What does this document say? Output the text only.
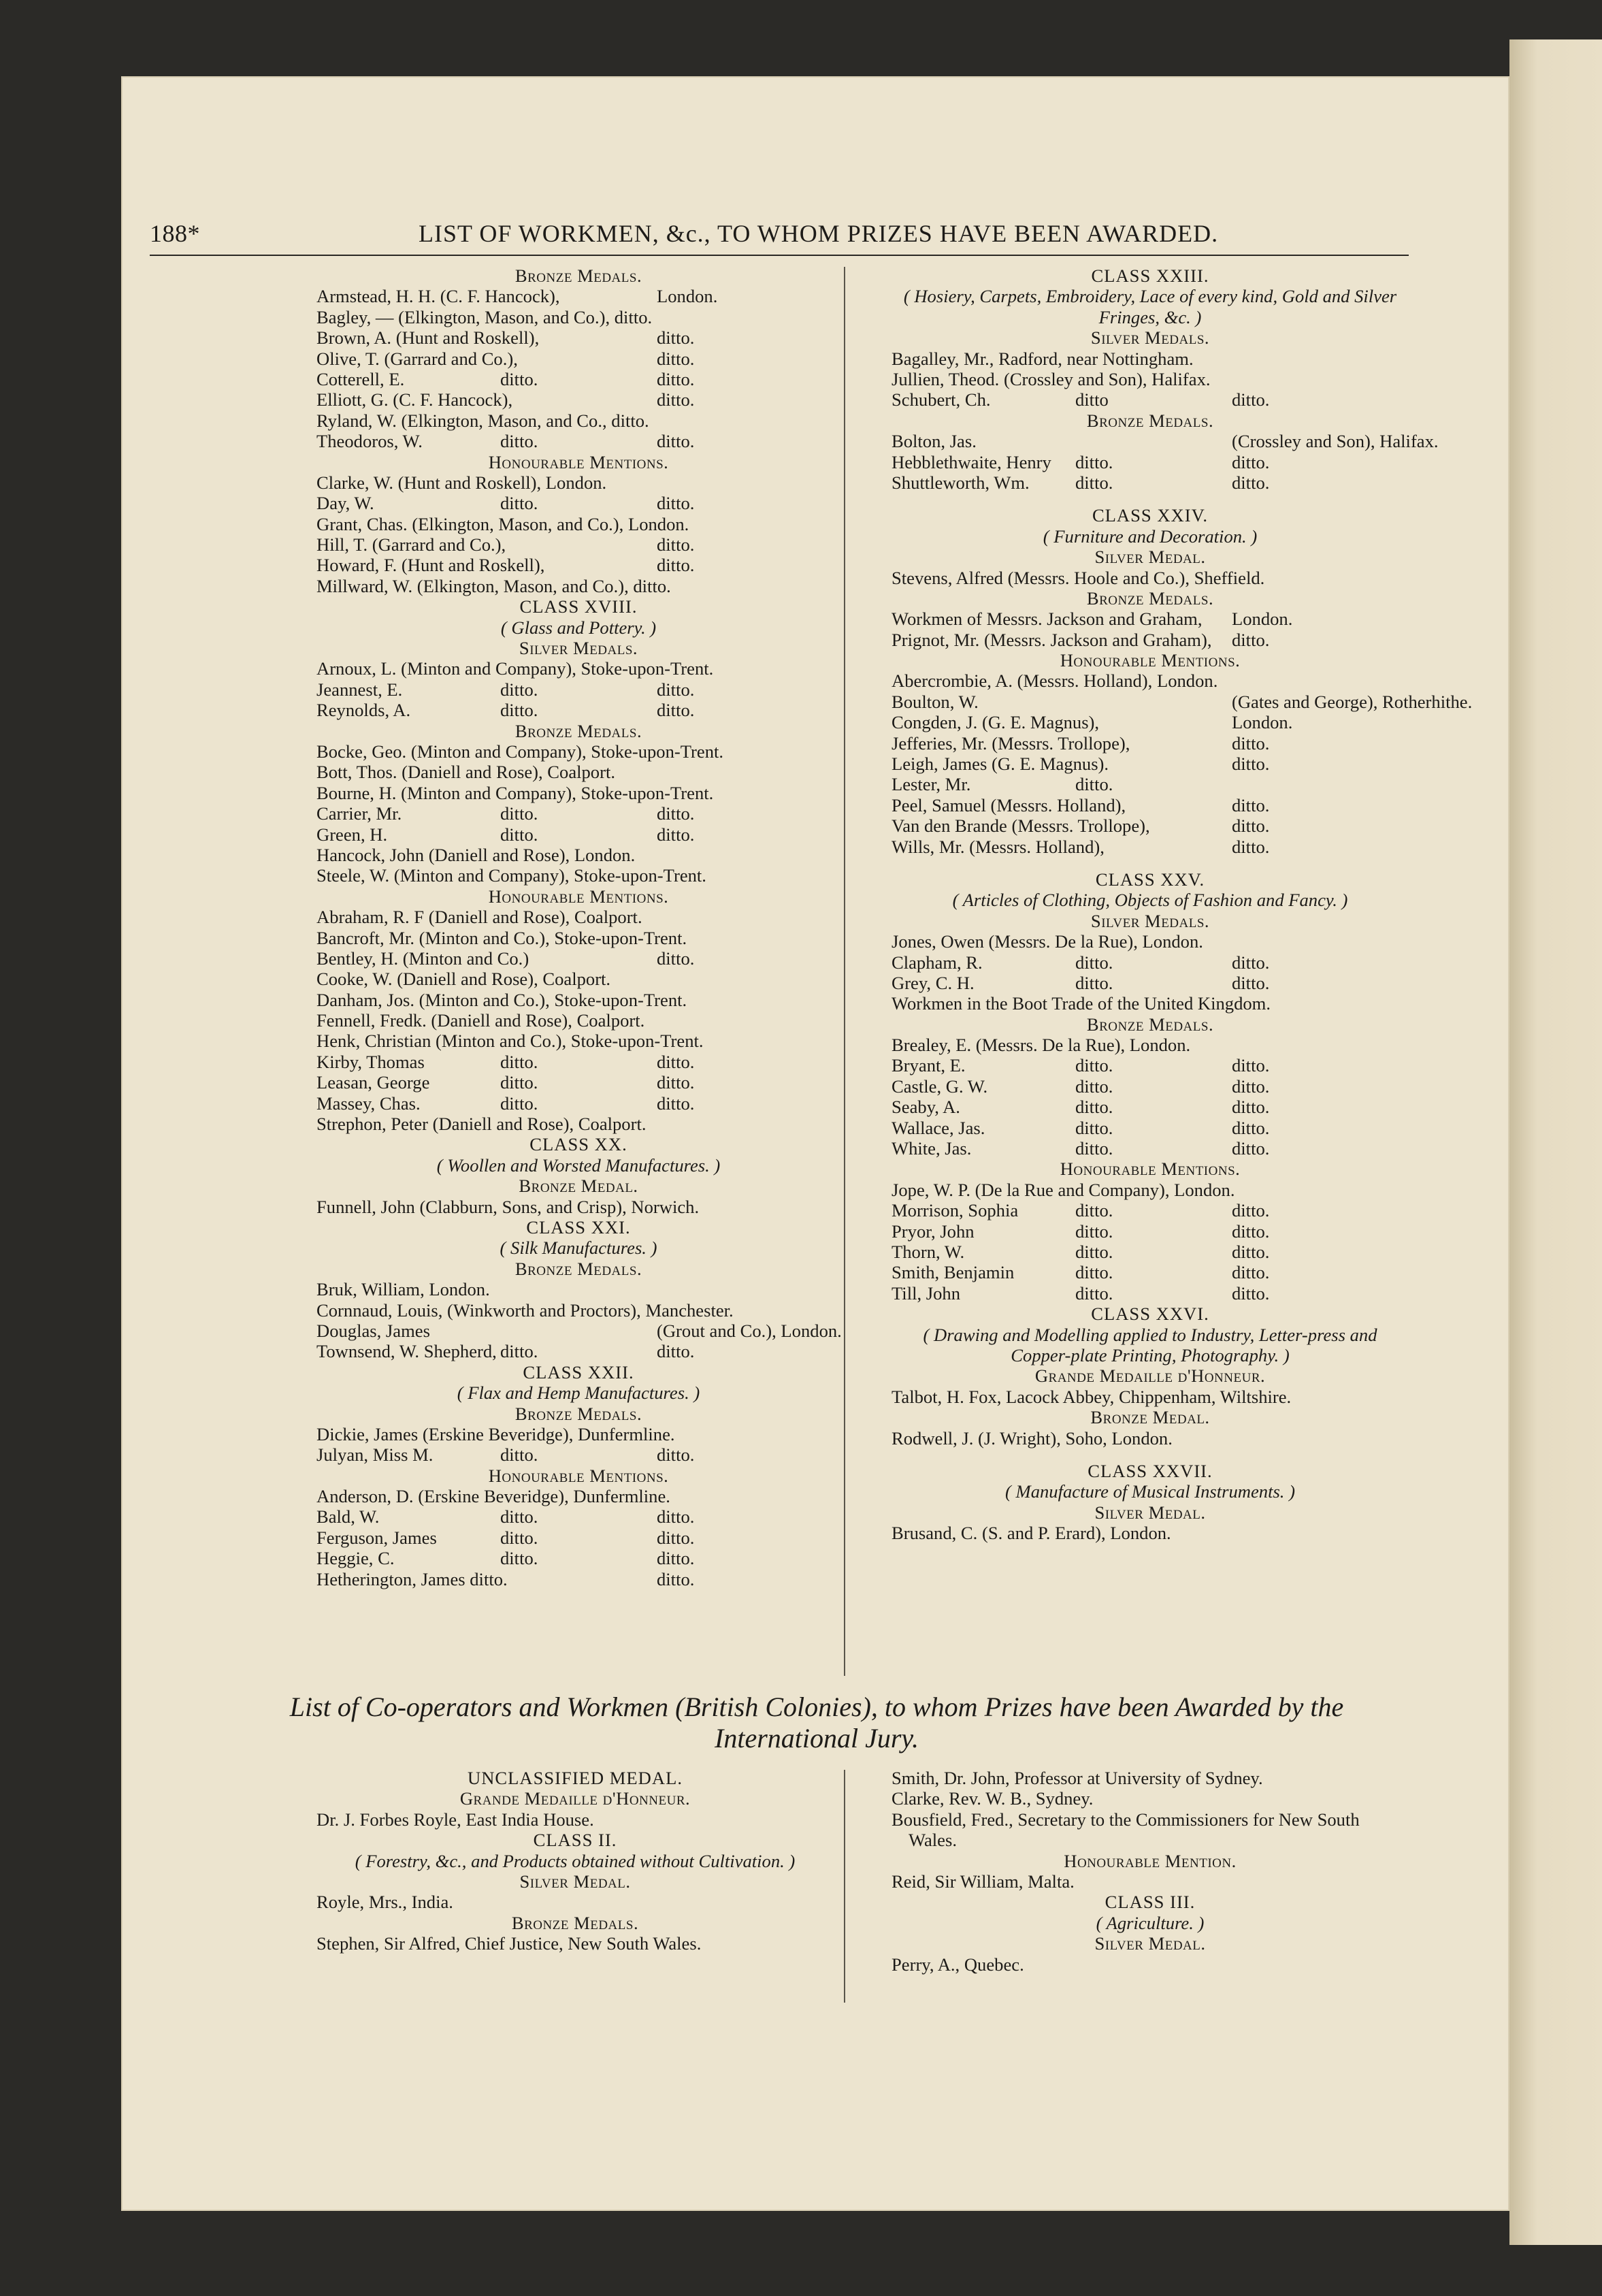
188*	LIST OF WORKMEN, &c., TO WHOM PRIZES HAVE BEEN AWARDED.
Bronze Medals.
Armstead, H. H. (C. F. Hancock),	London.
Bagley, — (Elkington, Mason, and Co.), ditto.
Brown, A. (Hunt and Roskell),	ditto.
Olive, T. (Garrard and Co.),	ditto.
Cotterell, E.	ditto.	ditto.
Elliott, G. (C. F. Hancock),	ditto.
Ryland, W. (Elkington, Mason, and Co., ditto.
Theodoros, W.	ditto.	ditto.
Honourable Mentions.
Clarke, W. (Hunt and Roskell), London.
Day, W.	ditto.	ditto.
Grant, Chas. (Elkington, Mason, and Co.), London.
Hill, T. (Garrard and Co.),	ditto.
Howard, F. (Hunt and Roskell),	ditto.
Millward, W. (Elkington, Mason, and Co.), ditto.
CLASS XVIII.
( Glass and Pottery. )
Silver Medals.
Arnoux, L. (Minton and Company), Stoke-upon-Trent.
Jeannest, E.	ditto.	ditto.
Reynolds, A.	ditto.	ditto.
Bronze Medals.
Bocke, Geo. (Minton and Company), Stoke-upon-Trent.
Bott, Thos. (Daniell and Rose), Coalport.
Bourne, H. (Minton and Company), Stoke-upon-Trent.
Carrier, Mr.	ditto.	ditto.
Green, H.	ditto.	ditto.
Hancock, John (Daniell and Rose), London.
Steele, W. (Minton and Company), Stoke-upon-Trent.
Honourable Mentions.
Abraham, R. F (Daniell and Rose), Coalport.
Bancroft, Mr. (Minton and Co.), Stoke-upon-Trent.
Bentley, H. (Minton and Co.)	ditto.
Cooke, W. (Daniell and Rose), Coalport.
Danham, Jos. (Minton and Co.), Stoke-upon-Trent.
Fennell, Fredk. (Daniell and Rose), Coalport.
Henk, Christian (Minton and Co.), Stoke-upon-Trent.
Kirby, Thomas	ditto.	ditto.
Leasan, George	ditto.	ditto.
Massey, Chas.	ditto.	ditto.
Strephon, Peter (Daniell and Rose), Coalport.
CLASS XX.
( Woollen and Worsted Manufactures. )
Bronze Medal.
Funnell, John (Clabburn, Sons, and Crisp), Norwich.
CLASS XXI.
( Silk Manufactures. )
Bronze Medals.
Bruk, William, London.
Cornnaud, Louis, (Winkworth and Proctors), Manchester.
Douglas, James	(Grout and Co.), London.
Townsend, W. Shepherd, ditto.	ditto.
CLASS XXII.
( Flax and Hemp Manufactures. )
Bronze Medals.
Dickie, James (Erskine Beveridge), Dunfermline.
Julyan, Miss M.	ditto.	ditto.
Honourable Mentions.
Anderson, D. (Erskine Beveridge), Dunfermline.
Bald, W.	ditto.	ditto.
Ferguson, James	ditto.	ditto.
Heggie, C.	ditto.	ditto.
Hetherington, James ditto.	ditto.
CLASS XXIII.
( Hosiery, Carpets, Embroidery, Lace of every kind, Gold and Silver Fringes, &c. )
Silver Medals.
Bagalley, Mr., Radford, near Nottingham.
Jullien, Theod. (Crossley and Son), Halifax.
Schubert, Ch.	ditto	ditto.
Bronze Medals.
Bolton, Jas.	(Crossley and Son), Halifax.
Hebblethwaite, Henry ditto.	ditto.
Shuttleworth, Wm.	ditto.	ditto.
CLASS XXIV.
( Furniture and Decoration. )
Silver Medal.
Stevens, Alfred (Messrs. Hoole and Co.), Sheffield.
Bronze Medals.
Workmen of Messrs. Jackson and Graham, London.
Prignot, Mr. (Messrs. Jackson and Graham), ditto.
Honourable Mentions.
Abercrombie, A. (Messrs. Holland), London.
Boulton, W.	(Gates and George), Rotherhithe.
Congden, J. (G. E. Magnus),	London.
Jefferies, Mr. (Messrs. Trollope),	ditto.
Leigh, James (G. E. Magnus).	ditto.
Lester, Mr.	ditto.
Peel, Samuel (Messrs. Holland),	ditto.
Van den Brande (Messrs. Trollope),	ditto.
Wills, Mr. (Messrs. Holland),	ditto.
CLASS XXV.
( Articles of Clothing, Objects of Fashion and Fancy. )
Silver Medals.
Jones, Owen (Messrs. De la Rue), London.
Clapham, R.	ditto.	ditto.
Grey, C. H.	ditto.	ditto.
Workmen in the Boot Trade of the United Kingdom.
Bronze Medals.
Brealey, E. (Messrs. De la Rue), London.
Bryant, E.	ditto.	ditto.
Castle, G. W.	ditto.	ditto.
Seaby, A.	ditto.	ditto.
Wallace, Jas.	ditto.	ditto.
White, Jas.	ditto.	ditto.
Honourable Mentions.
Jope, W. P. (De la Rue and Company), London.
Morrison, Sophia	ditto.	ditto.
Pryor, John	ditto.	ditto.
Thorn, W.	ditto.	ditto.
Smith, Benjamin	ditto.	ditto.
Till, John	ditto.	ditto.
CLASS XXVI.
( Drawing and Modelling applied to Industry, Letter-press and Copper-plate Printing, Photography. )
Grande Medaille d'Honneur.
Talbot, H. Fox, Lacock Abbey, Chippenham, Wiltshire.
Bronze Medal.
Rodwell, J. (J. Wright), Soho, London.
CLASS XXVII.
( Manufacture of Musical Instruments. )
Silver Medal.
Brusand, C. (S. and P. Erard), London.
List of Co-operators and Workmen (British Colonies), to whom Prizes have been Awarded by the International Jury.
UNCLASSIFIED MEDAL.
Grande Medaille d'Honneur.
Dr. J. Forbes Royle, East India House.
CLASS II.
( Forestry, &c., and Products obtained without Cultivation. )
Silver Medal.
Royle, Mrs., India.
Bronze Medals.
Stephen, Sir Alfred, Chief Justice, New South Wales.
Smith, Dr. John, Professor at University of Sydney.
Clarke, Rev. W. B., Sydney.
Bousfield, Fred., Secretary to the Commissioners for New South Wales.
Honourable Mention.
Reid, Sir William, Malta.
CLASS III.
( Agriculture. )
Silver Medal.
Perry, A., Quebec.
